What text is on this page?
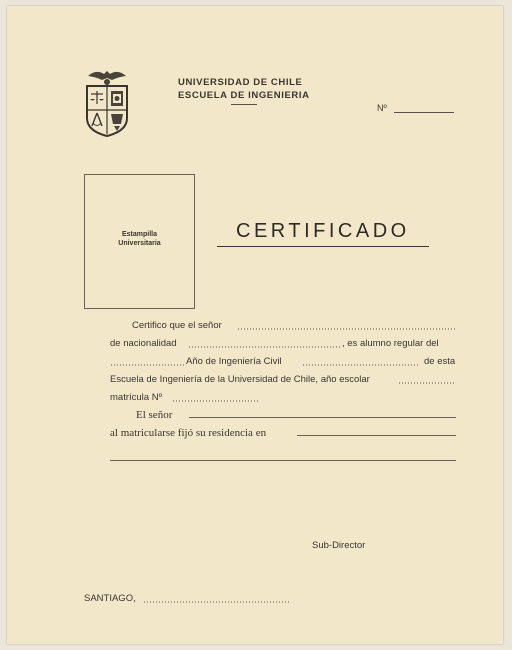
UNIVERSIDAD DE CHILE
ESCUELA DE INGENIERIA
Nº
Estampilla
Universitaria
CERTIFICADO
Certifico que el señor
de nacionalidad	, es alumno regular del
Año de Ingeniería Civil	de esta
Escuela de Ingeniería de la Universidad de Chile, año escolar
matrícula Nº
El señor
al matricularse fijó su residencia en
Sub-Director
SANTIAGO,
